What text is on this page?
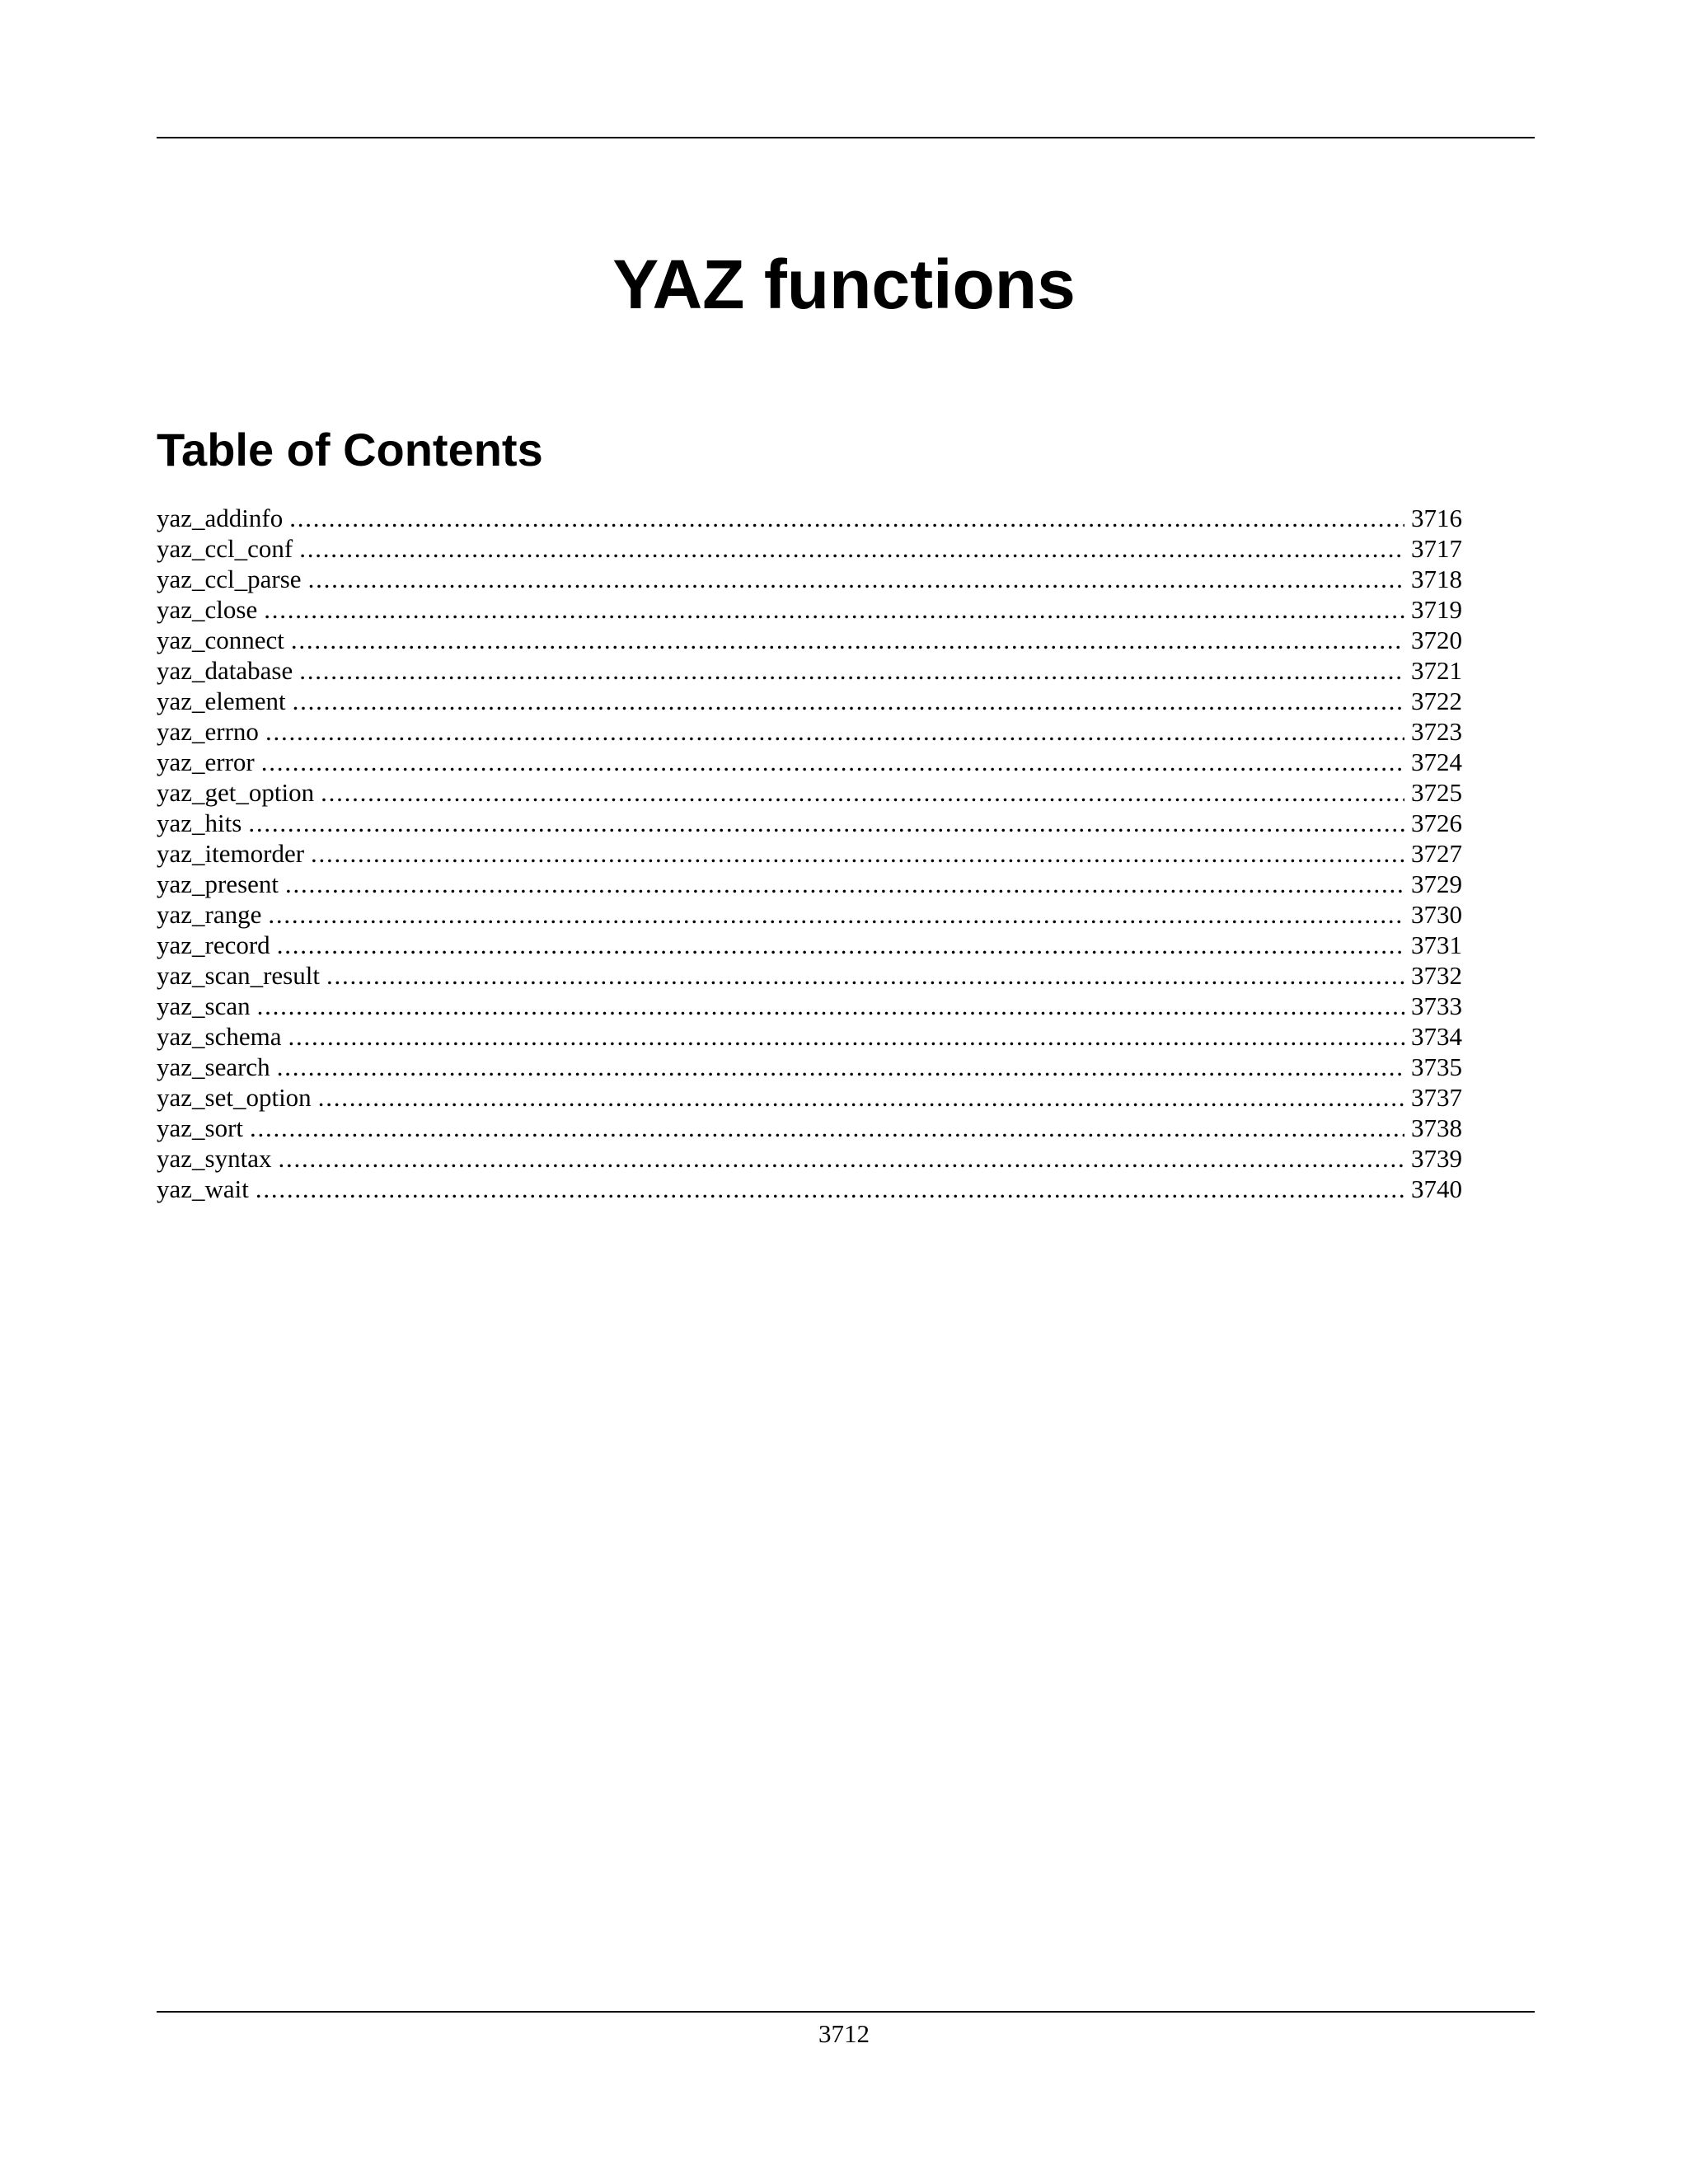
YAZ functions
Table of Contents
yaz_addinfo . . .	3716
yaz_ccl_conf . . .	3717
yaz_ccl_parse . . .	3718
yaz_close . . .	3719
yaz_connect . . .	3720
yaz_database . . .	3721
yaz_element . . .	3722
yaz_errno . . .	3723
yaz_error . . .	3724
yaz_get_option . . .	3725
yaz_hits . . .	3726
yaz_itemorder . . .	3727
yaz_present . . .	3729
yaz_range . . .	3730
yaz_record . . .	3731
yaz_scan_result . . .	3732
yaz_scan . . .	3733
yaz_schema . . .	3734
yaz_search . . .	3735
yaz_set_option . . .	3737
yaz_sort . . .	3738
yaz_syntax . . .	3739
yaz_wait . . .	3740
3712
